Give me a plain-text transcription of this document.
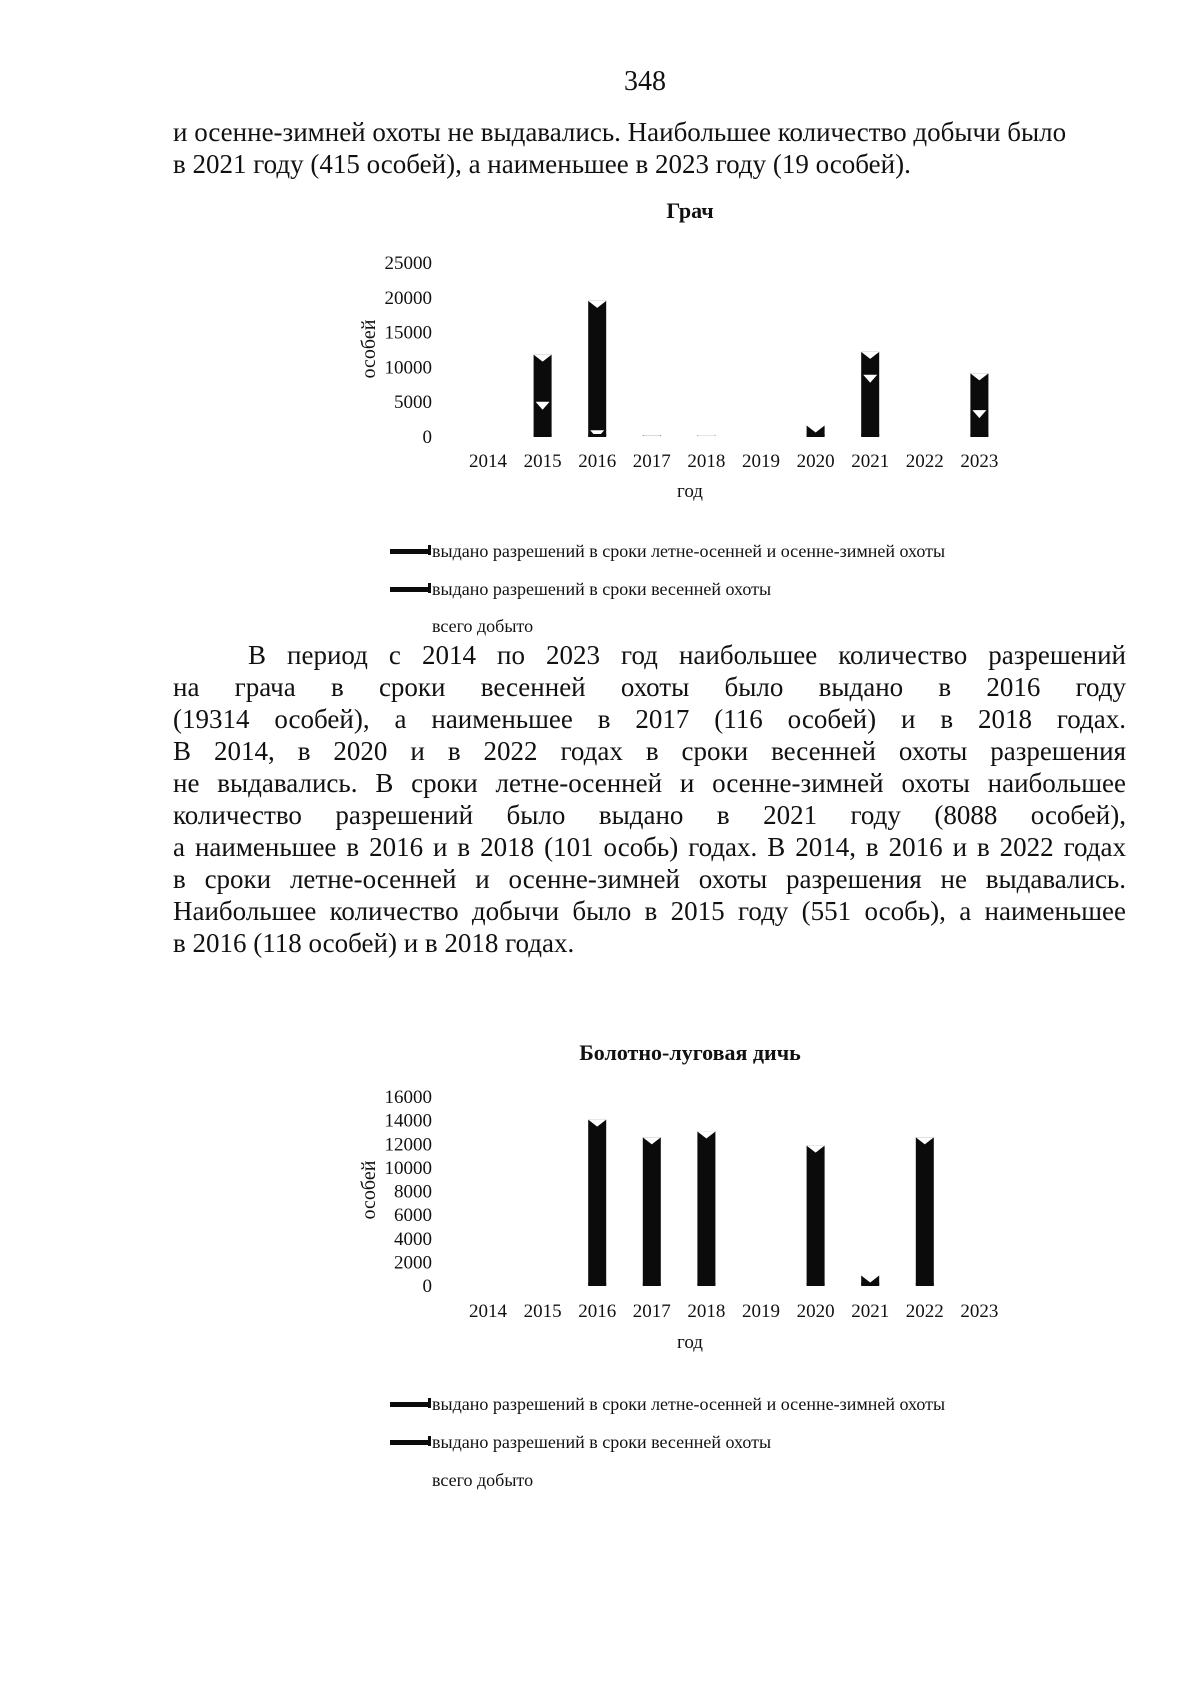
348

и осенне-зимней охоты не выдавались. Наибольшее количество добычи было
в 2021 году (415 особей), а наименьшее в 2023 году (19 особей).

Грач
особей
25000
20000
15000
10000
5000
0
2014 2015 2016 2017 2018 2019 2020 2021 2022 2023
год
выдано разрешений в сроки летне-осенней и осенне-зимней охоты
выдано разрешений в сроки весенней охоты
всего добыто

В период с 2014 по 2023 год наибольшее количество разрешений
на грача в сроки весенней охоты было выдано в 2016 году
(19314 особей), а наименьшее в 2017 (116 особей) и в 2018 годах.
В 2014, в 2020 и в 2022 годах в сроки весенней охоты разрешения
не выдавались. В сроки летне-осенней и осенне-зимней охоты наибольшее
количество разрешений было выдано в 2021 году (8088 особей),
а наименьшее в 2016 и в 2018 (101 особь) годах. В 2014, в 2016 и в 2022 годах
в сроки летне-осенней и осенне-зимней охоты разрешения не выдавались.
Наибольшее количество добычи было в 2015 году (551 особь), а наименьшее
в 2016 (118 особей) и в 2018 годах.

Болотно-луговая дичь
особей
16000
14000
12000
10000
8000
6000
4000
2000
0
2014 2015 2016 2017 2018 2019 2020 2021 2022 2023
год
выдано разрешений в сроки летне-осенней и осенне-зимней охоты
выдано разрешений в сроки весенней охоты
всего добыто
